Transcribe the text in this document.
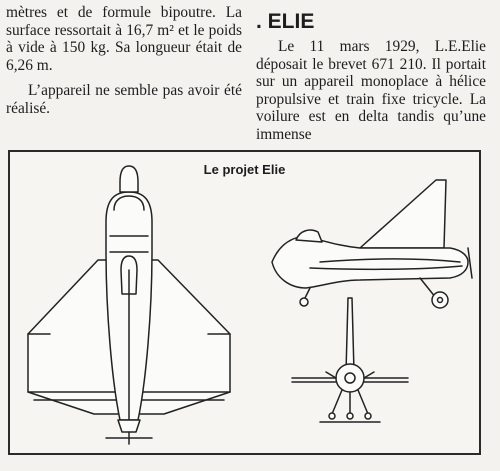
mètres et de formule bipoutre. La surface ressortait à 16,7 m² et le poids à vide à 150 kg. Sa longueur était de 6,26 m.

L’appareil ne semble pas avoir été réalisé.

. ELIE

Le 11 mars 1929, L.E.Elie déposait le brevet 671 210. Il portait sur un appareil monoplace à hélice propulsive et train fixe tricycle. La voilure est en delta tandis qu’une immense

Le projet Elie
